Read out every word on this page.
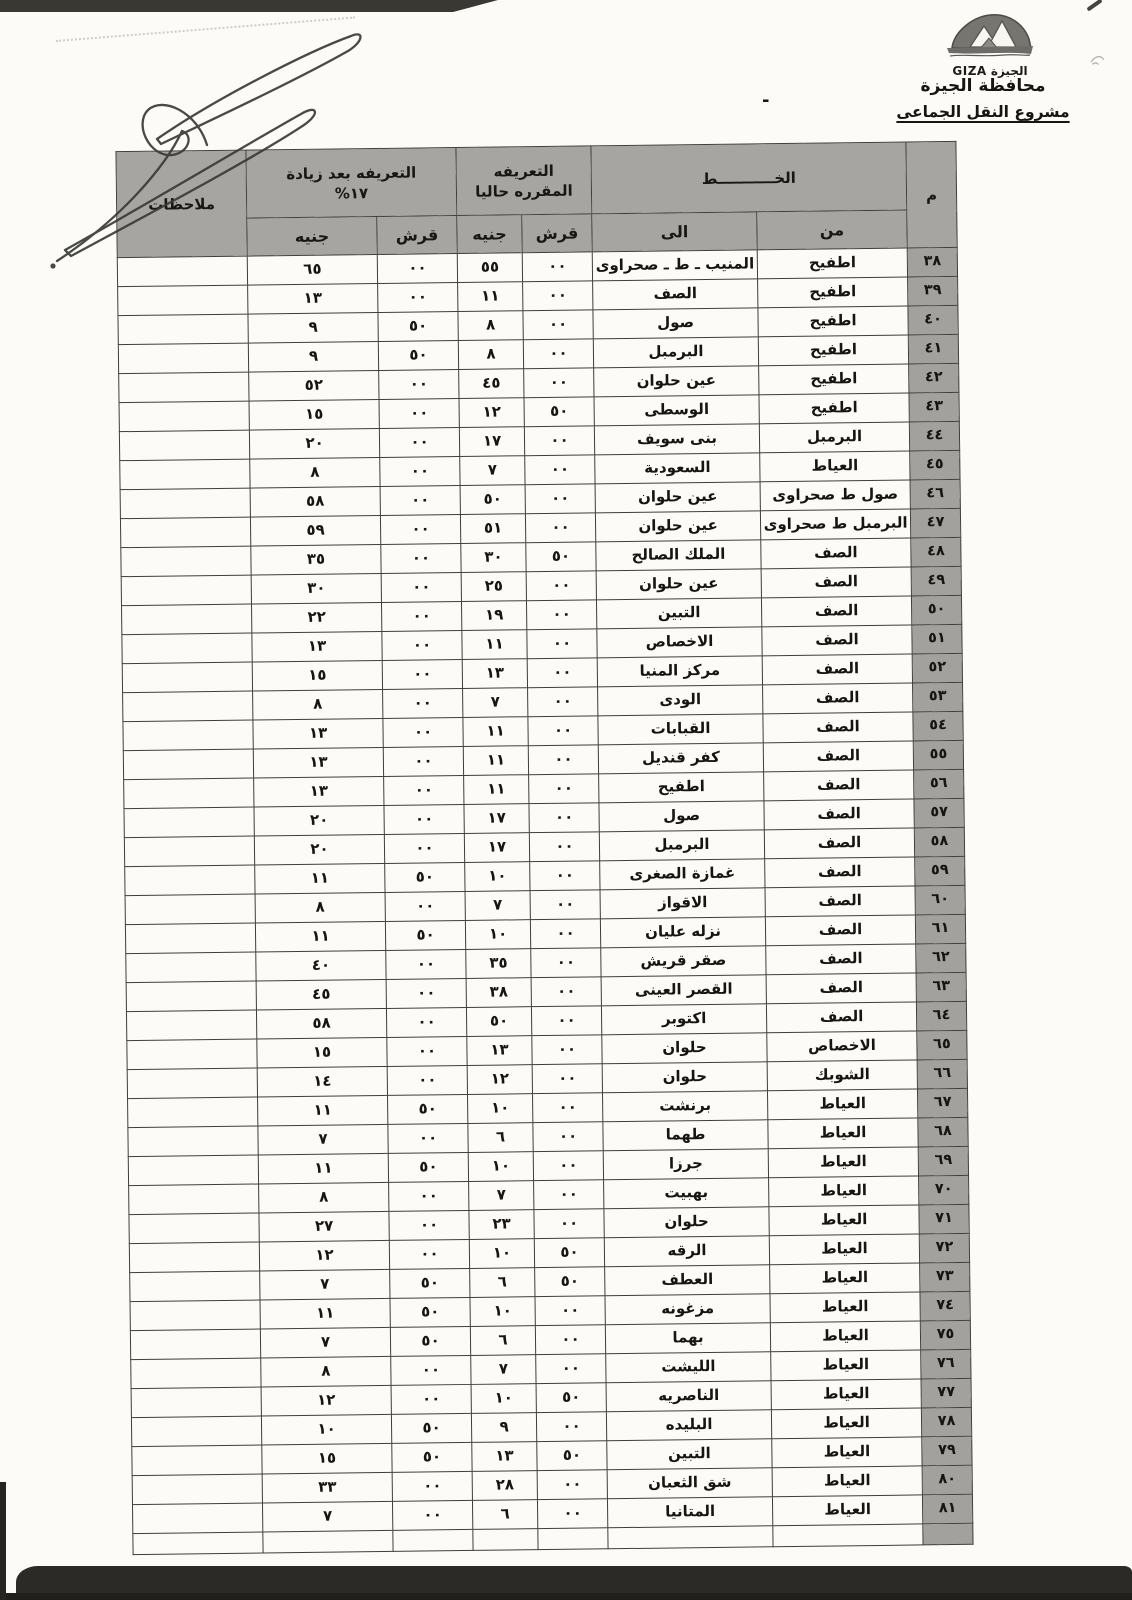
الجيزة GIZA
محافظة الجيزة
مشروع النقل الجماعى
-
م	الخـــــــــــط	
التعريفه
المقرره حاليا

التعريفه بعد زيادة
١٧%
	ملاحظات
	من	الى	قرش	جنيه	قرش	جنيه	
٣٨	اطفيح	المنيب ـ ط ـ صحراوى	٠٠	٥٥	٠٠	٦٥	
٣٩	اطفيح	الصف	٠٠	١١	٠٠	١٣	
٤٠	اطفيح	صول	٠٠	٨	٥٠	٩	
٤١	اطفيح	البرمبل	٠٠	٨	٥٠	٩	
٤٢	اطفيح	عين حلوان	٠٠	٤٥	٠٠	٥٢	
٤٣	اطفيح	الوسطى	٥٠	١٢	٠٠	١٥	
٤٤	البرمبل	بنى سويف	٠٠	١٧	٠٠	٢٠	
٤٥	العياط	السعودية	٠٠	٧	٠٠	٨	
٤٦	صول ط صحراوى	عين حلوان	٠٠	٥٠	٠٠	٥٨	
٤٧	البرمبل ط صحراوى	عين حلوان	٠٠	٥١	٠٠	٥٩	
٤٨	الصف	الملك الصالح	٥٠	٣٠	٠٠	٣٥	
٤٩	الصف	عين حلوان	٠٠	٢٥	٠٠	٣٠	
٥٠	الصف	التبين	٠٠	١٩	٠٠	٢٢	
٥١	الصف	الاخصاص	٠٠	١١	٠٠	١٣	
٥٢	الصف	مركز المنيا	٠٠	١٣	٠٠	١٥	
٥٣	الصف	الودى	٠٠	٧	٠٠	٨	
٥٤	الصف	القبابات	٠٠	١١	٠٠	١٣	
٥٥	الصف	كفر قنديل	٠٠	١١	٠٠	١٣	
٥٦	الصف	اطفيح	٠٠	١١	٠٠	١٣	
٥٧	الصف	صول	٠٠	١٧	٠٠	٢٠	
٥٨	الصف	البرمبل	٠٠	١٧	٠٠	٢٠	
٥٩	الصف	غمازة الصغرى	٠٠	١٠	٥٠	١١	
٦٠	الصف	الاقواز	٠٠	٧	٠٠	٨	
٦١	الصف	نزله عليان	٠٠	١٠	٥٠	١١	
٦٢	الصف	صقر قريش	٠٠	٣٥	٠٠	٤٠	
٦٣	الصف	القصر العينى	٠٠	٣٨	٠٠	٤٥	
٦٤	الصف	اكتوبر	٠٠	٥٠	٠٠	٥٨	
٦٥	الاخصاص	حلوان	٠٠	١٣	٠٠	١٥	
٦٦	الشوبك	حلوان	٠٠	١٢	٠٠	١٤	
٦٧	العياط	برنشت	٠٠	١٠	٥٠	١١	
٦٨	العياط	طهما	٠٠	٦	٠٠	٧	
٦٩	العياط	جرزا	٠٠	١٠	٥٠	١١	
٧٠	العياط	بهبيت	٠٠	٧	٠٠	٨	
٧١	العياط	حلوان	٠٠	٢٣	٠٠	٢٧	
٧٢	العياط	الرقه	٥٠	١٠	٠٠	١٢	
٧٣	العياط	العطف	٥٠	٦	٥٠	٧	
٧٤	العياط	مزغونه	٠٠	١٠	٥٠	١١	
٧٥	العياط	بهما	٠٠	٦	٥٠	٧	
٧٦	العياط	الليشت	٠٠	٧	٠٠	٨	
٧٧	العياط	الناصريه	٥٠	١٠	٠٠	١٢	
٧٨	العياط	البليده	٠٠	٩	٥٠	١٠	
٧٩	العياط	التبين	٥٠	١٣	٥٠	١٥	
٨٠	العياط	شق الثعبان	٠٠	٢٨	٠٠	٣٣	
٨١	العياط	المتانيا	٠٠	٦	٠٠	٧	
